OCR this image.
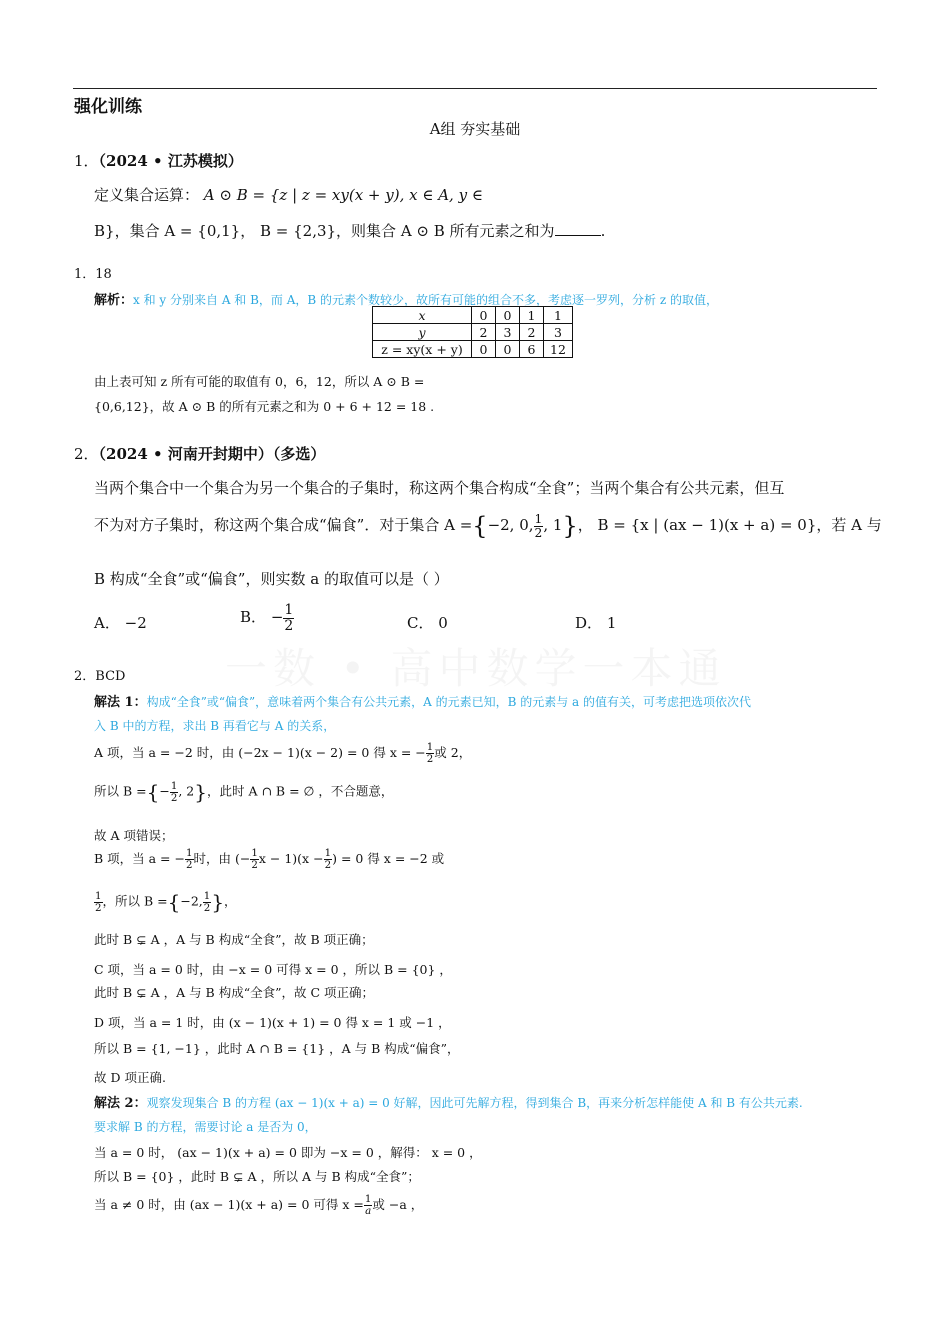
强化训练
A组 夯实基础
1．（2024 • 江苏模拟）
定义集合运算： A ⊙ B = {z | z = xy(x + y), x ∈ A, y ∈
B}，集合 A = {0,1}， B = {2,3}，则集合 A ⊙ B 所有元素之和为	.
1．18
解析：x 和 y 分别来自 A 和 B，而 A，B 的元素个数较少，故所有可能的组合不多，考虑逐一罗列，分析 z 的取值，
x	0	0	1	1
y	2	3	2	3
z = xy(x + y)	0	0	6	12
由上表可知 z 所有可能的取值有 0，6，12，所以 A ⊙ B =
{0,6,12}，故 A ⊙ B 的所有元素之和为 0 + 6 + 12 = 18 .
2．（2024 • 河南开封期中）（多选）
当两个集合中一个集合为另一个集合的子集时，称这两个集合构成“全食”；当两个集合有公共元素，但互
不为对方子集时，称这两个集合成“偏食”．对于集合 A ={−2, 0, $\frac{1}{2}$ , 1}， B = {x | (ax − 1)(x + a) = 0}，若 A 与
B 构成“全食”或“偏食”，则实数 a 的取值可以是（ ）
A． −2	B． − $\frac{1}{2}$	C． 0	D． 1
2．BCD
解法 1：构成“全食”或“偏食”，意味着两个集合有公共元素，A 的元素已知，B 的元素与 a 的值有关，可考虑把选项依次代
入 B 中的方程，求出 B 再看它与 A 的关系，
A 项，当 a = −2 时，由 (−2x − 1)(x − 2) = 0 得 x = − $\frac{1}{2}$ 或 2，
所以 B ={− $\frac{1}{2}$ , 2}，此时 A ∩ B = ∅ ，不合题意，
故 A 项错误；
B 项，当 a = − $\frac{1}{2}$ 时，由 (− $\frac{1}{2}$ $x - 1)(x - \frac{1}{2}$ ) = 0 得 x = −2 或
$\frac{1}{2}$ ，所以 B ={−2, $\frac{1}{2}$ }，
此时 B ⊊ A ，A 与 B 构成“全食”，故 B 项正确；
C 项，当 a = 0 时，由 −x = 0 可得 x = 0 ，所以 B = {0} ，
此时 B ⊊ A ，A 与 B 构成“全食”，故 C 项正确；
D 项，当 a = 1 时，由 (x − 1)(x + 1) = 0 得 x = 1 或 −1 ，
所以 B = {1, −1} ，此时 A ∩ B = {1} ，A 与 B 构成“偏食”，
故 D 项正确.
解法 2：观察发现集合 B 的方程 (ax − 1)(x + a) = 0 好解，因此可先解方程，得到集合 B，再来分析怎样能使 A 和 B 有公共元素.
要求解 B 的方程，需要讨论 a 是否为 0，
当 a = 0 时， (ax − 1)(x + a) = 0 即为 −x = 0 ，解得： x = 0 ，
所以 B = {0} ，此时 B ⊊ A ，所以 A 与 B 构成“全食”；
当 a ≠ 0 时，由 (ax − 1)(x + a) = 0 可得 $x = \frac{1}{a}$ 或 −a ，
